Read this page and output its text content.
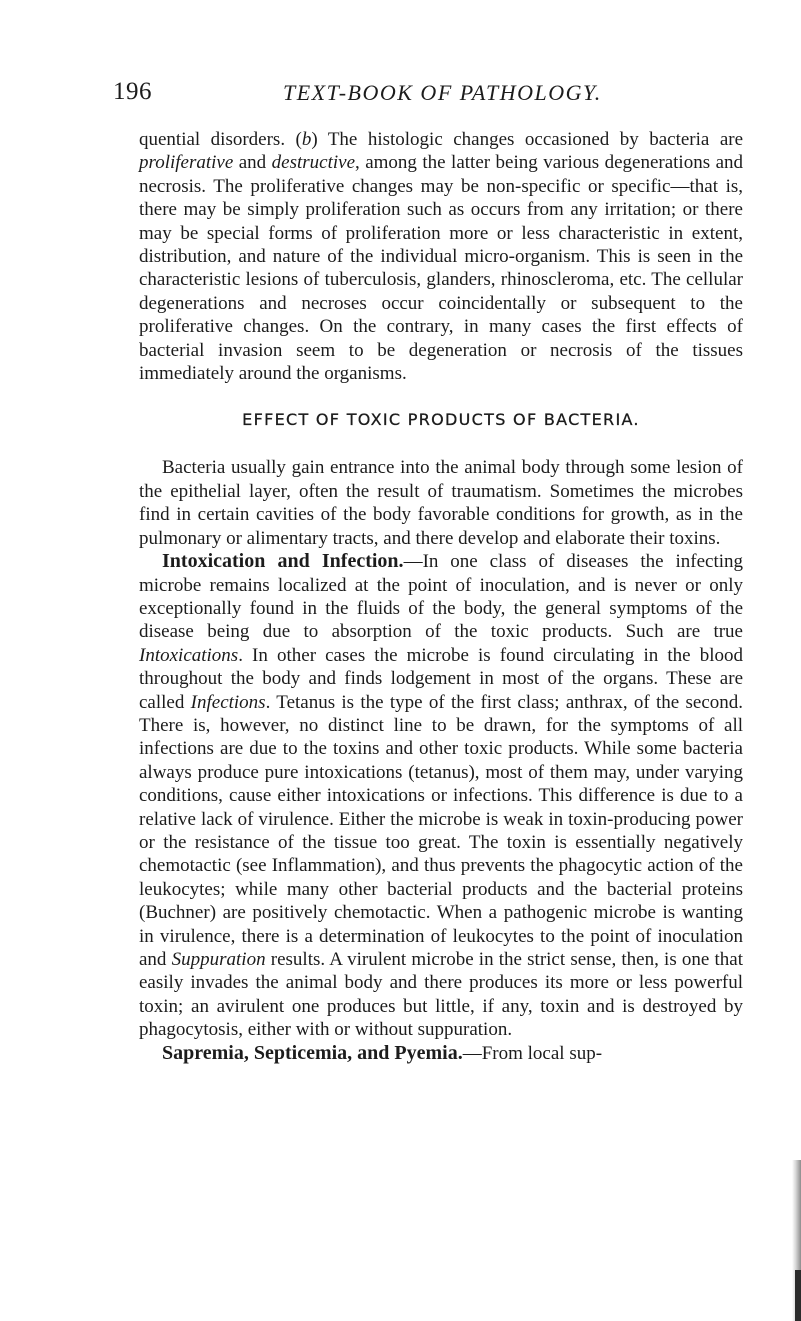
196	TEXT-BOOK OF PATHOLOGY.

quential disorders. (b) The histologic changes occasioned by bacteria are proliferative and destructive, among the latter being various degenerations and necrosis. The proliferative changes may be non-specific or specific—that is, there may be simply proliferation such as occurs from any irritation; or there may be special forms of proliferation more or less characteristic in extent, distribution, and nature of the individual micro-organism. This is seen in the characteristic lesions of tuberculosis, glanders, rhinoscleroma, etc. The cellular degenerations and necroses occur coincidentally or subsequent to the proliferative changes. On the contrary, in many cases the first effects of bacterial invasion seem to be degeneration or necrosis of the tissues immediately around the organisms.

EFFECT OF TOXIC PRODUCTS OF BACTERIA.

Bacteria usually gain entrance into the animal body through some lesion of the epithelial layer, often the result of traumatism. Sometimes the microbes find in certain cavities of the body favorable conditions for growth, as in the pulmonary or alimentary tracts, and there develop and elaborate their toxins.

Intoxication and Infection.—In one class of diseases the infecting microbe remains localized at the point of inoculation, and is never or only exceptionally found in the fluids of the body, the general symptoms of the disease being due to absorption of the toxic products. Such are true Intoxications. In other cases the microbe is found circulating in the blood throughout the body and finds lodgement in most of the organs. These are called Infections. Tetanus is the type of the first class; anthrax, of the second. There is, however, no distinct line to be drawn, for the symptoms of all infections are due to the toxins and other toxic products. While some bacteria always produce pure intoxications (tetanus), most of them may, under varying conditions, cause either intoxications or infections. This difference is due to a relative lack of virulence. Either the microbe is weak in toxin-producing power or the resistance of the tissue too great. The toxin is essentially negatively chemotactic (see Inflammation), and thus prevents the phagocytic action of the leukocytes; while many other bacterial products and the bacterial proteins (Buchner) are positively chemotactic. When a pathogenic microbe is wanting in virulence, there is a determination of leukocytes to the point of inoculation and Suppuration results. A virulent microbe in the strict sense, then, is one that easily invades the animal body and there produces its more or less powerful toxin; an avirulent one produces but little, if any, toxin and is destroyed by phagocytosis, either with or without suppuration.

Sapremia, Septicemia, and Pyemia.—From local sup-
